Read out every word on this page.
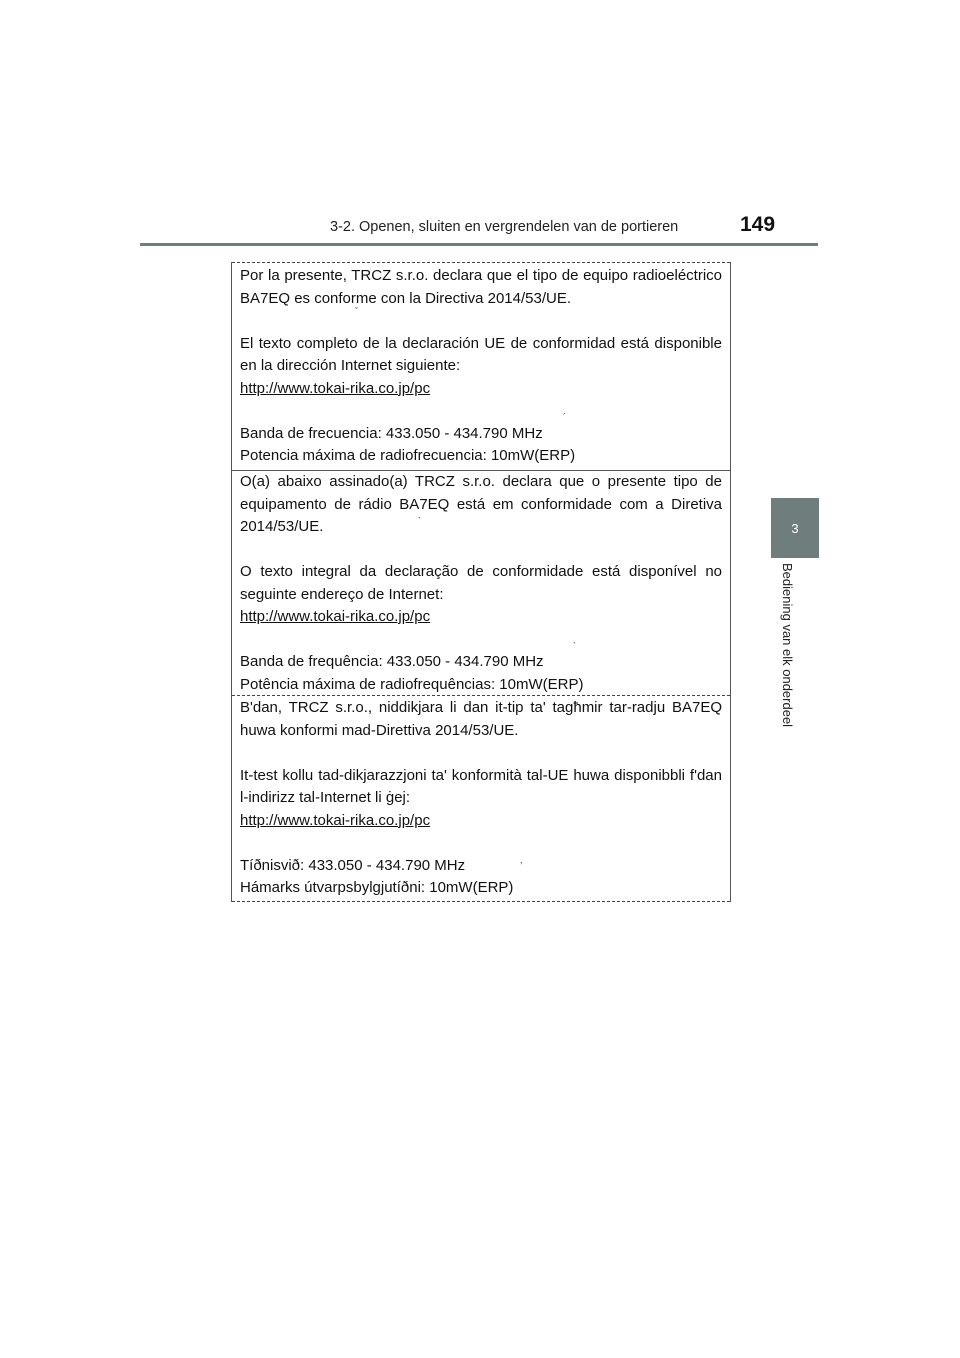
3-2. Openen, sluiten en vergrendelen van de portieren	149
3
Bediening van elk onderdeel

Por la presente, TRCZ s.r.o. declara que el tipo de equipo radioeléctrico BA7EQ es conforme con la Directiva 2014/53/UE.

El texto completo de la declaración UE de conformidad está disponible en la dirección Internet siguiente:
http://www.tokai-rika.co.jp/pc

Banda de frecuencia: 433.050 - 434.790 MHz
Potencia máxima de radiofrecuencia: 10mW(ERP)

O(a) abaixo assinado(a) TRCZ s.r.o. declara que o presente tipo de equipamento de rádio BA7EQ está em conformidade com a Diretiva 2014/53/UE.

O texto integral da declaração de conformidade está disponível no seguinte endereço de Internet:
http://www.tokai-rika.co.jp/pc

Banda de frequência: 433.050 - 434.790 MHz
Potência máxima de radiofrequências: 10mW(ERP)

B'dan, TRCZ s.r.o., niddikjara li dan it-tip ta' tagħmir tar-radju BA7EQ huwa konformi mad-Direttiva 2014/53/UE.

It-test kollu tad-dikjarazzjoni ta' konformità tal-UE huwa disponibbli f'dan l-indirizz tal-Internet li ġej:
http://www.tokai-rika.co.jp/pc

Tíðnisvið: 433.050 - 434.790 MHz
Hámarks útvarpsbylgjutíðni: 10mW(ERP)

ˇ
´
`
`
,
